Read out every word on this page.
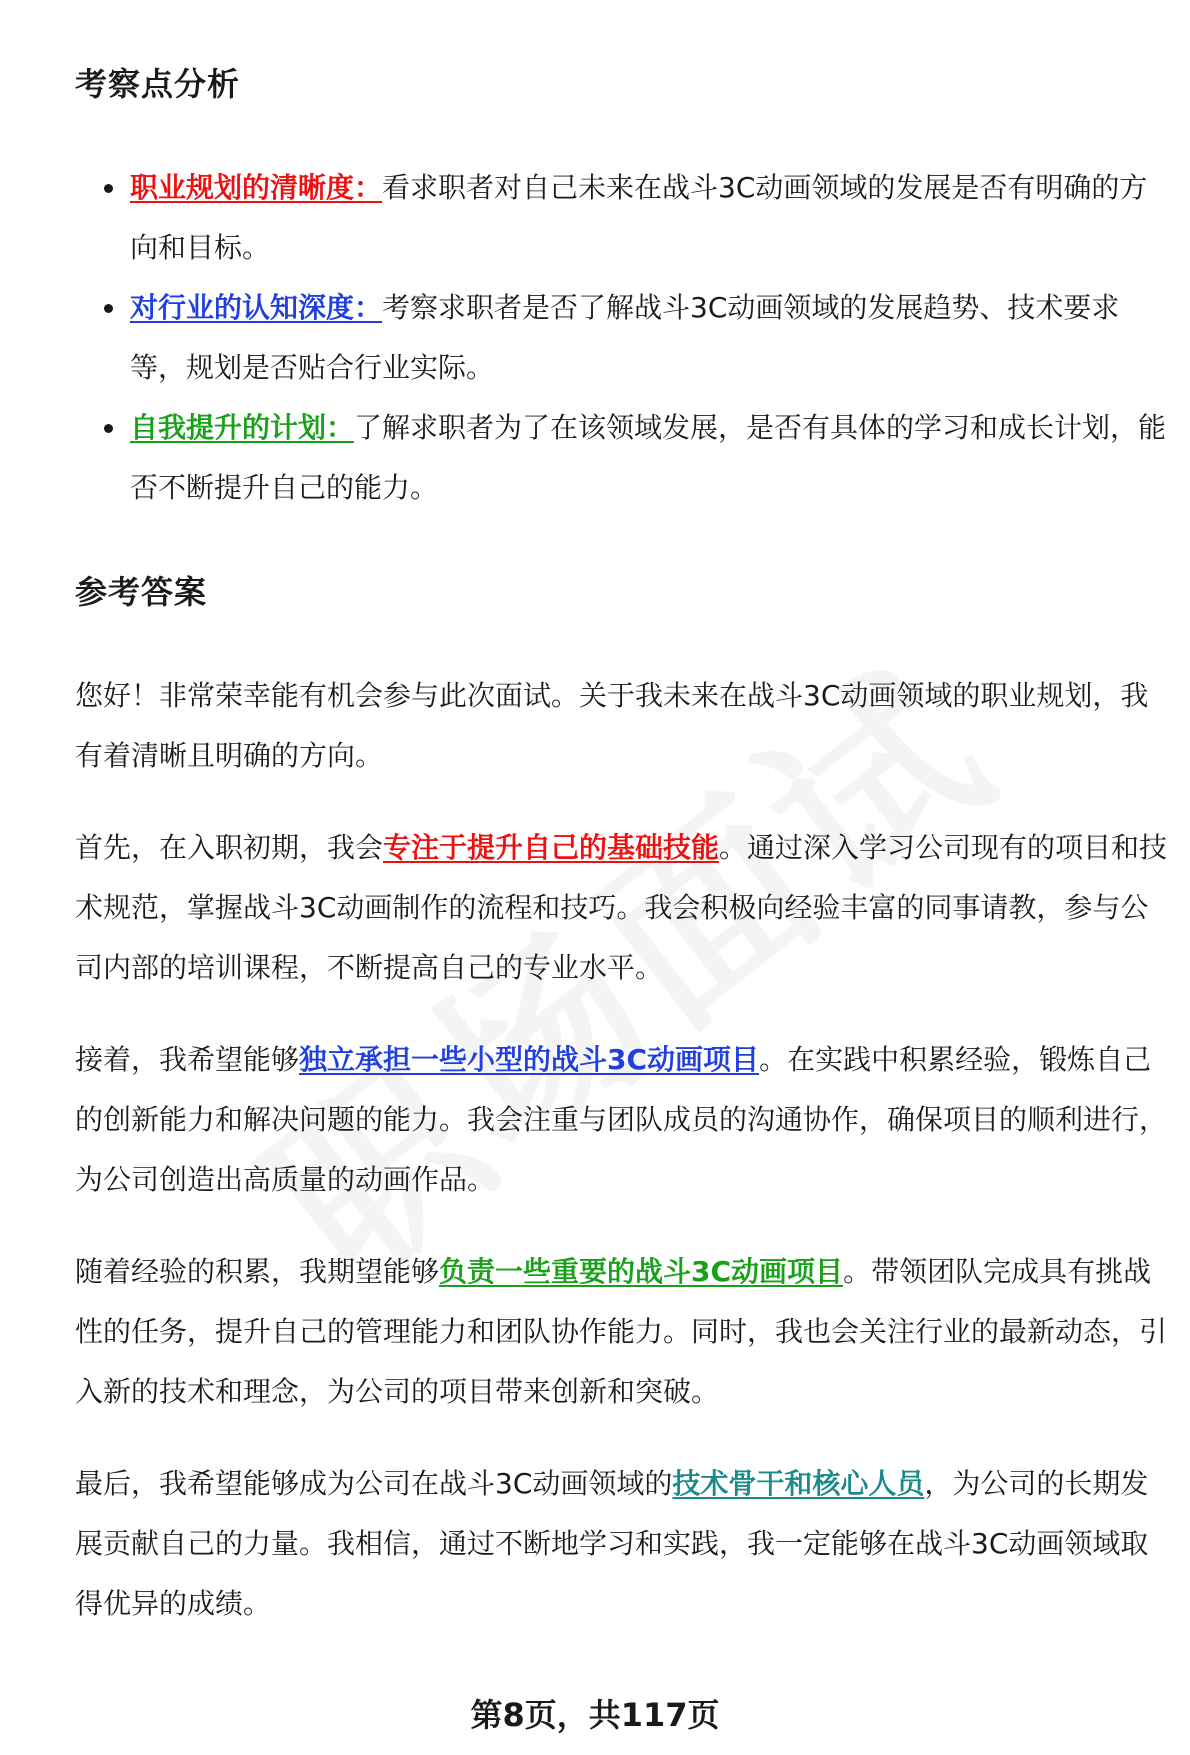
考察点分析
职业规划的清晰度：看求职者对自己未来在战斗3C动画领域的发展是否有明确的方向和目标。
对行业的认知深度：考察求职者是否了解战斗3C动画领域的发展趋势、技术要求等，规划是否贴合行业实际。
自我提升的计划：了解求职者为了在该领域发展，是否有具体的学习和成长计划，能否不断提升自己的能力。
参考答案

您好！非常荣幸能有机会参与此次面试。关于我未来在战斗3C动画领域的职业规划，我有着清晰且明确的方向。

首先，在入职初期，我会专注于提升自己的基础技能。通过深入学习公司现有的项目和技术规范，掌握战斗3C动画制作的流程和技巧。我会积极向经验丰富的同事请教，参与公司内部的培训课程，不断提高自己的专业水平。

接着，我希望能够独立承担一些小型的战斗3C动画项目。在实践中积累经验，锻炼自己的创新能力和解决问题的能力。我会注重与团队成员的沟通协作，确保项目的顺利进行，为公司创造出高质量的动画作品。

随着经验的积累，我期望能够负责一些重要的战斗3C动画项目。带领团队完成具有挑战性的任务，提升自己的管理能力和团队协作能力。同时，我也会关注行业的最新动态，引入新的技术和理念，为公司的项目带来创新和突破。

最后，我希望能够成为公司在战斗3C动画领域的技术骨干和核心人员，为公司的长期发展贡献自己的力量。我相信，通过不断地学习和实践，我一定能够在战斗3C动画领域取得优异的成绩。

第8页，共117页
